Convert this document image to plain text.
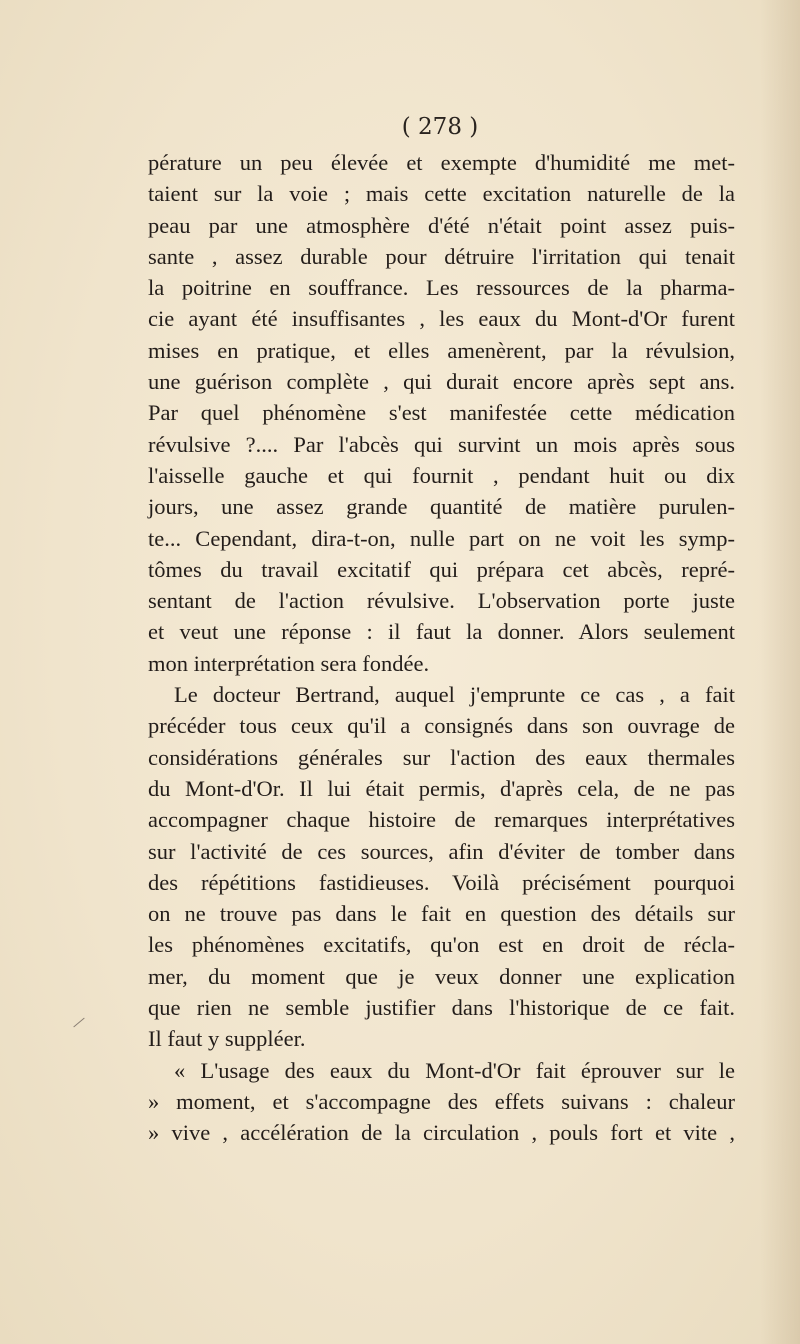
( 278 )
pérature un peu élevée et exempte d'humidité me met-
taient sur la voie ; mais cette excitation naturelle de la
peau par une atmosphère d'été n'était point assez puis-
sante , assez durable pour détruire l'irritation qui tenait
la poitrine en souffrance. Les ressources de la pharma-
cie ayant été insuffisantes , les eaux du Mont-d'Or furent
mises en pratique, et elles amenèrent, par la révulsion,
une guérison complète , qui durait encore après sept ans.
Par quel phénomène s'est manifestée cette médication
révulsive ?.... Par l'abcès qui survint un mois après sous
l'aisselle gauche et qui fournit , pendant huit ou dix
jours, une assez grande quantité de matière purulen-
te... Cependant, dira-t-on, nulle part on ne voit les symp-
tômes du travail excitatif qui prépara cet abcès, repré-
sentant de l'action révulsive. L'observation porte juste
et veut une réponse : il faut la donner. Alors seulement
mon interprétation sera fondée.
Le docteur Bertrand, auquel j'emprunte ce cas , a fait
précéder tous ceux qu'il a consignés dans son ouvrage de
considérations générales sur l'action des eaux thermales
du Mont-d'Or. Il lui était permis, d'après cela, de ne pas
accompagner chaque histoire de remarques interprétatives
sur l'activité de ces sources, afin d'éviter de tomber dans
des répétitions fastidieuses. Voilà précisément pourquoi
on ne trouve pas dans le fait en question des détails sur
les phénomènes excitatifs, qu'on est en droit de récla-
mer, du moment que je veux donner une explication
que rien ne semble justifier dans l'historique de ce fait.
Il faut y suppléer.
« L'usage des eaux du Mont-d'Or fait éprouver sur le
» moment, et s'accompagne des effets suivans : chaleur
» vive , accélération de la circulation , pouls fort et vite ,
